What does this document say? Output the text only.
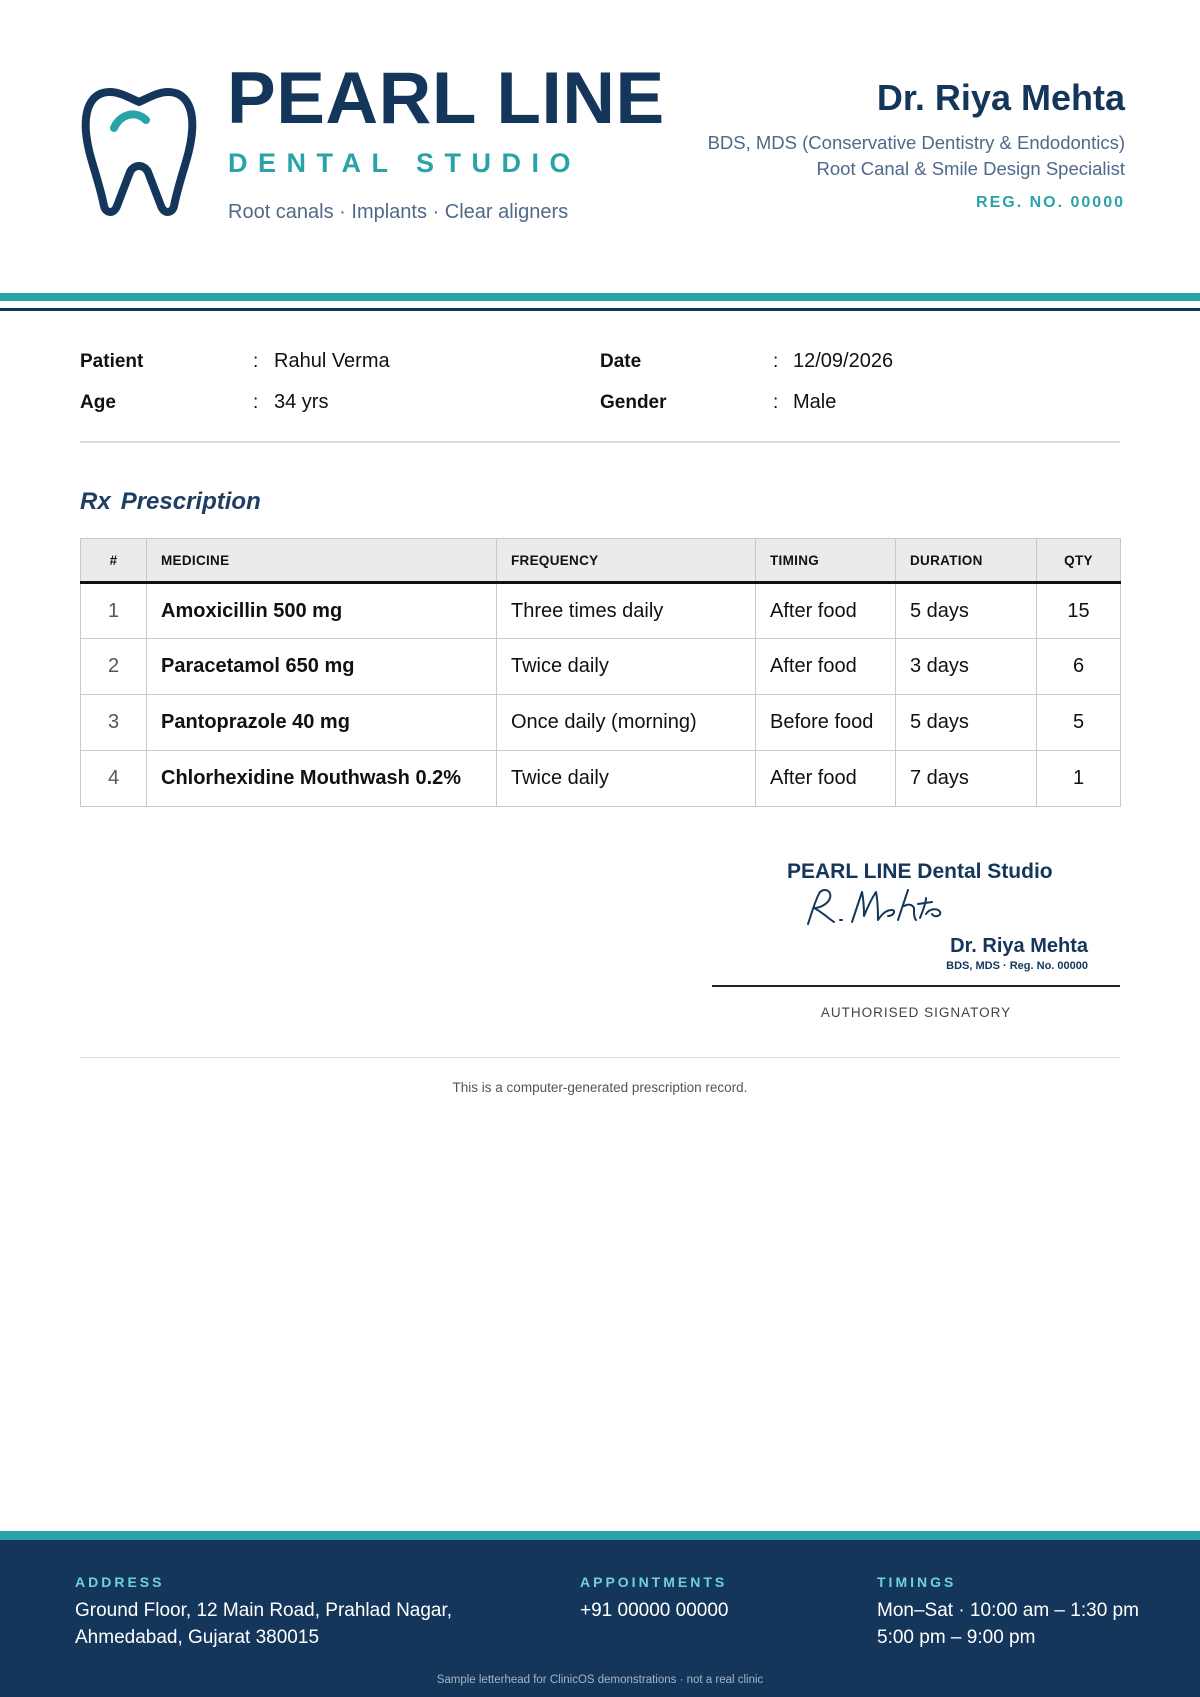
PEARL LINE
DENTAL STUDIO
Root canals · Implants · Clear aligners
Dr. Riya Mehta
BDS, MDS (Conservative Dentistry & Endodontics)
Root Canal & Smile Design Specialist
REG. NO. 00000
Patient	: Rahul Verma
Age	: 34 yrs
Date	: 12/09/2026
Gender	: Male
Rx Prescription
#	MEDICINE	FREQUENCY	TIMING	DURATION	QTY
1	Amoxicillin 500 mg	Three times daily	After food	5 days	15
2	Paracetamol 650 mg	Twice daily	After food	3 days	6
3	Pantoprazole 40 mg	Once daily (morning)	Before food	5 days	5
4	Chlorhexidine Mouthwash 0.2%	Twice daily	After food	7 days	1
PEARL LINE Dental Studio
Dr. Riya Mehta
BDS, MDS · Reg. No. 00000
AUTHORISED SIGNATORY
This is a computer-generated prescription record.
ADDRESS
Ground Floor, 12 Main Road, Prahlad Nagar,
Ahmedabad, Gujarat 380015
APPOINTMENTS
+91 00000 00000
TIMINGS
Mon–Sat · 10:00 am – 1:30 pm
5:00 pm – 9:00 pm
Sample letterhead for ClinicOS demonstrations · not a real clinic
